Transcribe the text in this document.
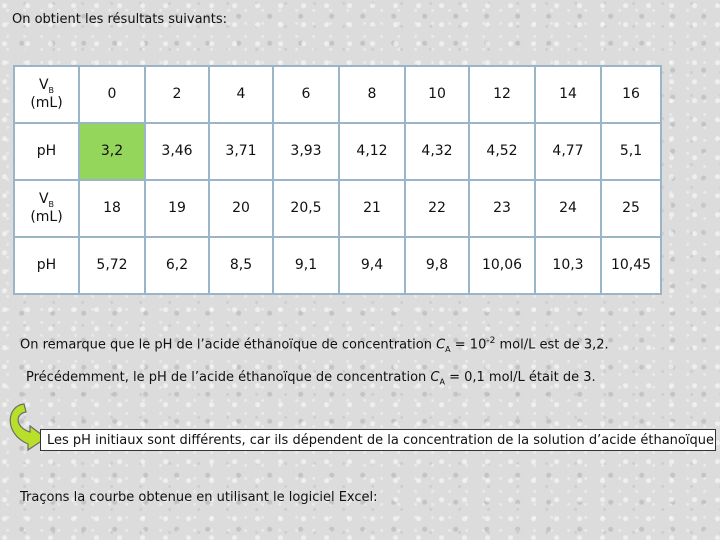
On obtient les résultats suivants:
$V_B$
(mL)	0	2	4	6	8	10	12	14	16
pH	3,2	3,46	3,71	3,93	4,12	4,32	4,52	4,77	5,1
$V_B$
(mL)	18	19	20	20,5	21	22	23	24	25
pH	5,72	6,2	8,5	9,1	9,4	9,8	10,06	10,3	10,45
On remarque que le pH de l’acide éthanoïque de concentration $C_A = 10^{-2}$ mol/L est de 3,2.
Précédemment, le pH de l’acide éthanoïque de concentration $C_A = 0,1$ mol/L était de 3.
Les pH initiaux sont différents, car ils dépendent de la concentration de la solution d’acide éthanoïque
Traçons la courbe obtenue en utilisant le logiciel Excel:
